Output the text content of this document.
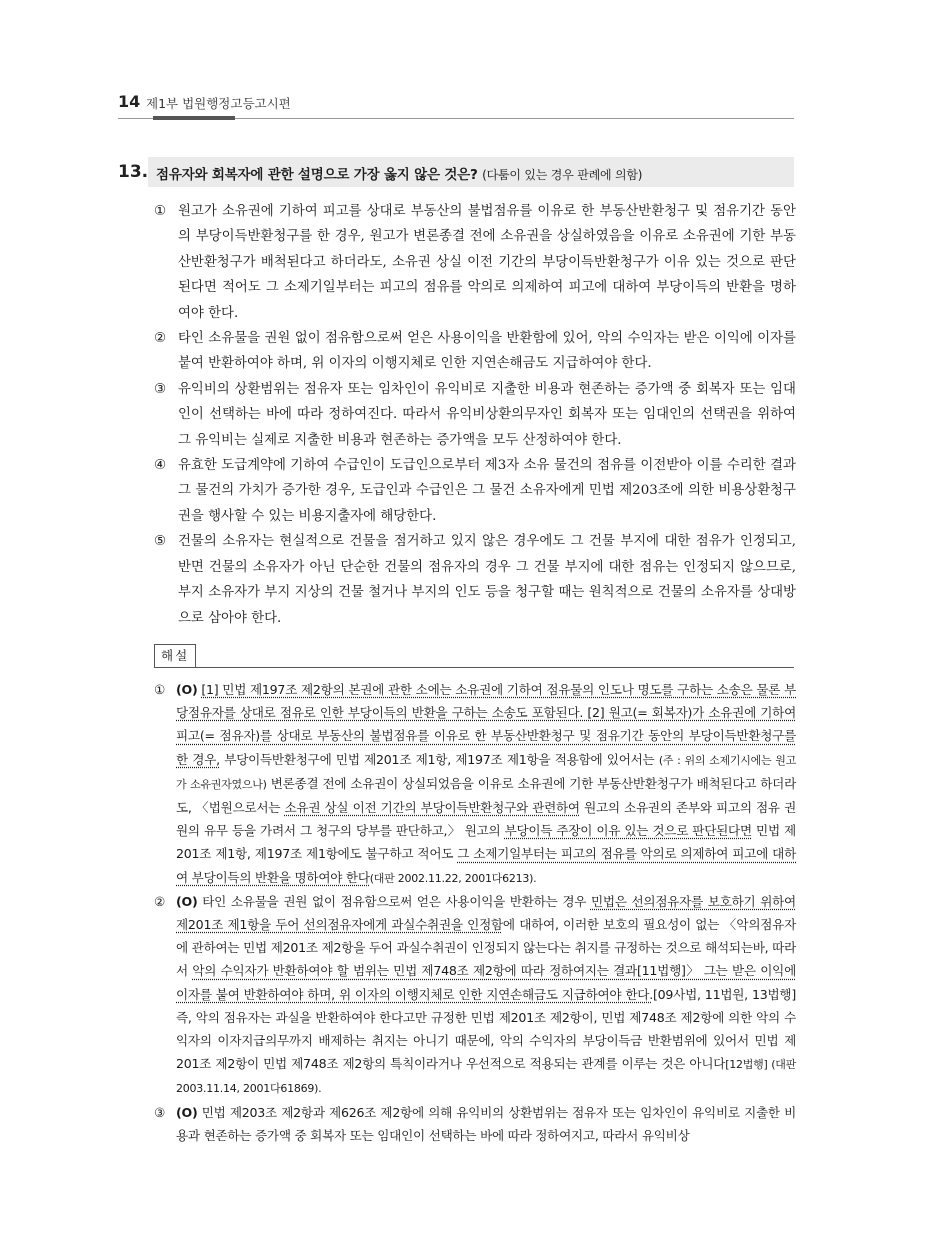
14 제1부 법원행정고등고시편
13. 점유자와 회복자에 관한 설명으로 가장 옳지 않은 것은? (다툼이 있는 경우 판례에 의함)
① 원고가 소유권에 기하여 피고를 상대로 부동산의 불법점유를 이유로 한 부동산반환청구 및 점유기간 동안의 부당이득반환청구를 한 경우, 원고가 변론종결 전에 소유권을 상실하였음을 이유로 소유권에 기한 부동산반환청구가 배척된다고 하더라도, 소유권 상실 이전 기간의 부당이득반환청구가 이유 있는 것으로 판단된다면 적어도 그 소제기일부터는 피고의 점유를 악의로 의제하여 피고에 대하여 부당이득의 반환을 명하여야 한다.
② 타인 소유물을 권원 없이 점유함으로써 얻은 사용이익을 반환함에 있어, 악의 수익자는 받은 이익에 이자를 붙여 반환하여야 하며, 위 이자의 이행지체로 인한 지연손해금도 지급하여야 한다.
③ 유익비의 상환범위는 점유자 또는 임차인이 유익비로 지출한 비용과 현존하는 증가액 중 회복자 또는 임대인이 선택하는 바에 따라 정하여진다. 따라서 유익비상환의무자인 회복자 또는 임대인의 선택권을 위하여 그 유익비는 실제로 지출한 비용과 현존하는 증가액을 모두 산정하여야 한다.
④ 유효한 도급계약에 기하여 수급인이 도급인으로부터 제3자 소유 물건의 점유를 이전받아 이를 수리한 결과 그 물건의 가치가 증가한 경우, 도급인과 수급인은 그 물건 소유자에게 민법 제203조에 의한 비용상환청구권을 행사할 수 있는 비용지출자에 해당한다.
⑤ 건물의 소유자는 현실적으로 건물을 점거하고 있지 않은 경우에도 그 건물 부지에 대한 점유가 인정되고, 반면 건물의 소유자가 아닌 단순한 건물의 점유자의 경우 그 건물 부지에 대한 점유는 인정되지 않으므로, 부지 소유자가 부지 지상의 건물 철거나 부지의 인도 등을 청구할 때는 원칙적으로 건물의 소유자를 상대방으로 삼아야 한다.
해설
① (O) [1] 민법 제197조 제2항의 본권에 관한 소에는 소유권에 기하여 점유물의 인도나 명도를 구하는 소송은 물론 부당점유자를 상대로 점유로 인한 부당이득의 반환을 구하는 소송도 포함된다. [2] 원고(= 회복자)가 소유권에 기하여 피고(= 점유자)를 상대로 부동산의 불법점유를 이유로 한 부동산반환청구 및 점유기간 동안의 부당이득반환청구를 한 경우, 부당이득반환청구에 민법 제201조 제1항, 제197조 제1항을 적용함에 있어서는 (주 : 위의 소제기시에는 원고가 소유권자였으나) 변론종결 전에 소유권이 상실되었음을 이유로 소유권에 기한 부동산반환청구가 배척된다고 하더라도, 〈법원으로서는 소유권 상실 이전 기간의 부당이득반환청구와 관련하여 원고의 소유권의 존부와 피고의 점유 권원의 유무 등을 가려서 그 청구의 당부를 판단하고,〉 원고의 부당이득 주장이 이유 있는 것으로 판단된다면 민법 제201조 제1항, 제197조 제1항에도 불구하고 적어도 그 소제기일부터는 피고의 점유를 악의로 의제하여 피고에 대하여 부당이득의 반환을 명하여야 한다(대판 2002.11.22, 2001다6213).
② (O) 타인 소유물을 권원 없이 점유함으로써 얻은 사용이익을 반환하는 경우 민법은 선의점유자를 보호하기 위하여 제201조 제1항을 두어 선의점유자에게 과실수취권을 인정함에 대하여, 이러한 보호의 필요성이 없는 〈악의점유자에 관하여는 민법 제201조 제2항을 두어 과실수취권이 인정되지 않는다는 취지를 규정하는 것으로 해석되는바, 따라서 악의 수익자가 반환하여야 할 범위는 민법 제748조 제2항에 따라 정하여지는 결과[11법행]〉 그는 받은 이익에 이자를 붙여 반환하여야 하며, 위 이자의 이행지체로 인한 지연손해금도 지급하여야 한다.[09사법, 11법원, 13법행] 즉, 악의 점유자는 과실을 반환하여야 한다고만 규정한 민법 제201조 제2항이, 민법 제748조 제2항에 의한 악의 수익자의 이자지급의무까지 배제하는 취지는 아니기 때문에, 악의 수익자의 부당이득금 반환범위에 있어서 민법 제201조 제2항이 민법 제748조 제2항의 특칙이라거나 우선적으로 적용되는 관계를 이루는 것은 아니다[12법행] (대판 2003.11.14, 2001다61869).
③ (O) 민법 제203조 제2항과 제626조 제2항에 의해 유익비의 상환범위는 점유자 또는 임차인이 유익비로 지출한 비용과 현존하는 증가액 중 회복자 또는 임대인이 선택하는 바에 따라 정하여지고, 따라서 유익비상
